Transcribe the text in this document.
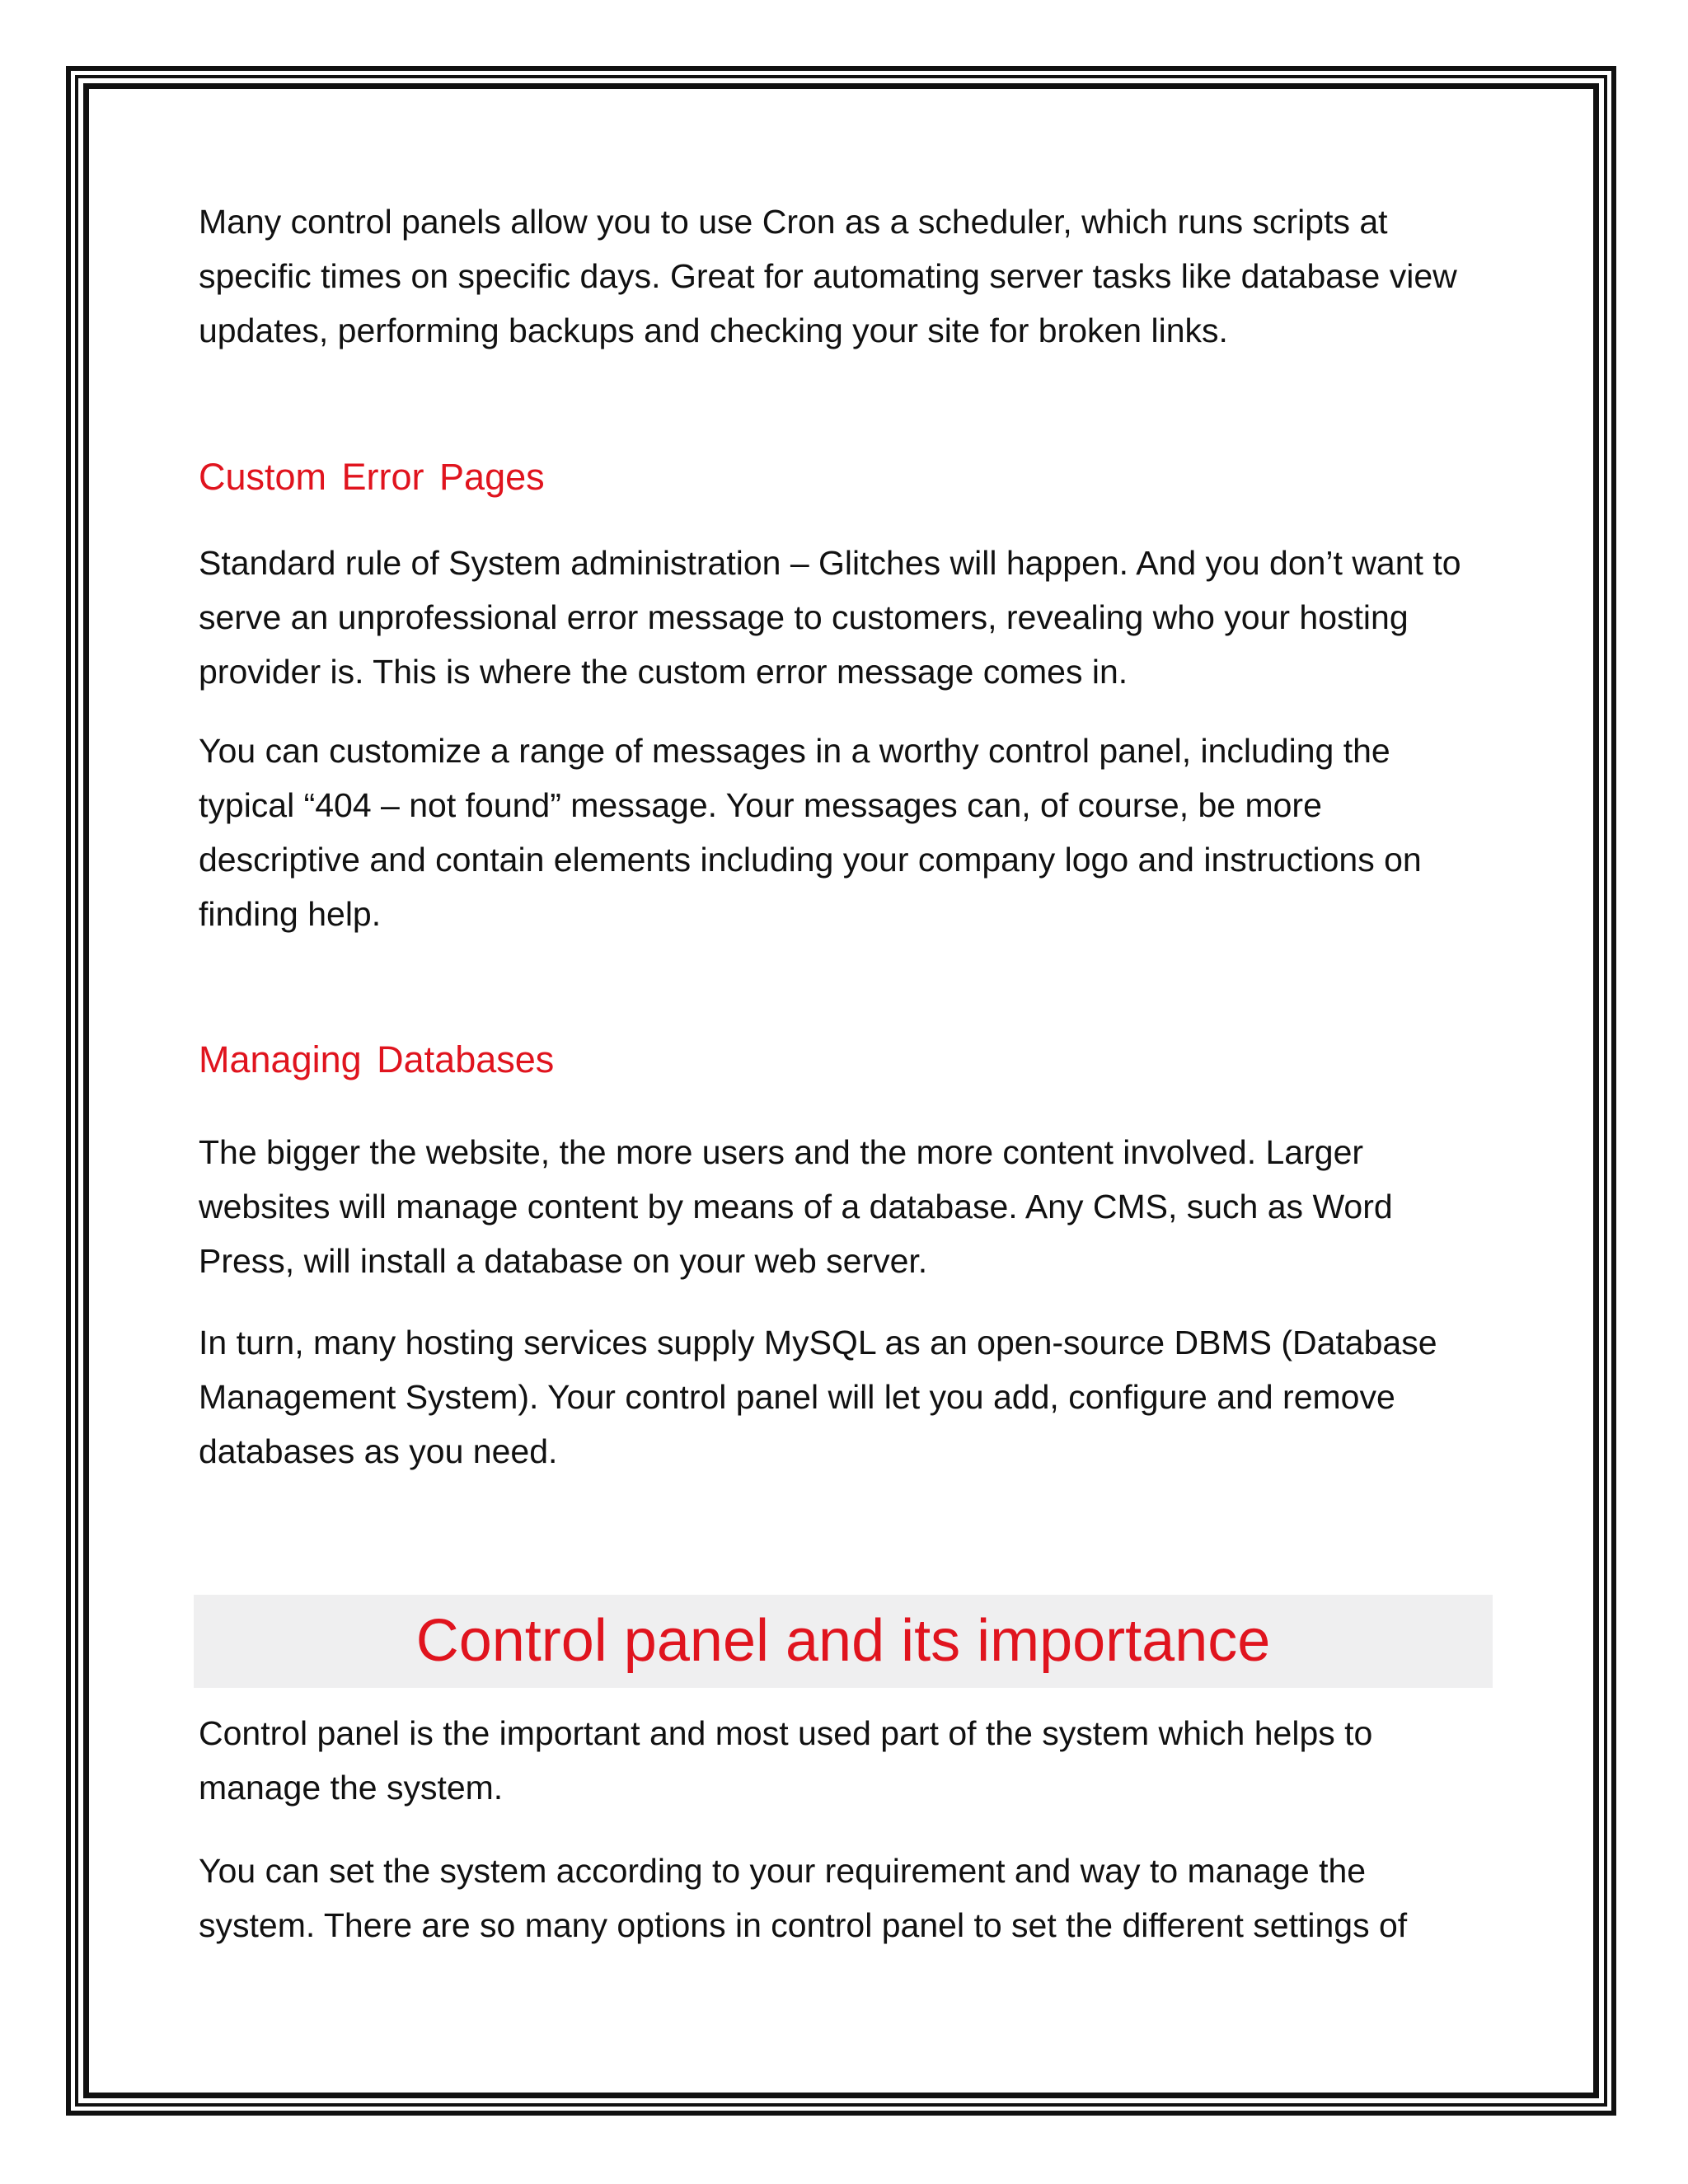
Many control panels allow you to use Cron as a scheduler, which runs scripts at specific times on specific days. Great for automating server tasks like database view updates, performing backups and checking your site for broken links.

Custom Error Pages

Standard rule of System administration – Glitches will happen. And you don’t want to serve an unprofessional error message to customers, revealing who your hosting provider is. This is where the custom error message comes in.

You can customize a range of messages in a worthy control panel, including the typical “404 – not found” message. Your messages can, of course, be more descriptive and contain elements including your company logo and instructions on finding help.

Managing Databases

The bigger the website, the more users and the more content involved. Larger websites will manage content by means of a database. Any CMS, such as Word Press, will install a database on your web server.

In turn, many hosting services supply MySQL as an open-source DBMS (Database Management System). Your control panel will let you add, configure and remove databases as you need.

Control panel and its importance

Control panel is the important and most used part of the system which helps to manage the system.

You can set the system according to your requirement and way to manage the system. There are so many options in control panel to set the different settings of
